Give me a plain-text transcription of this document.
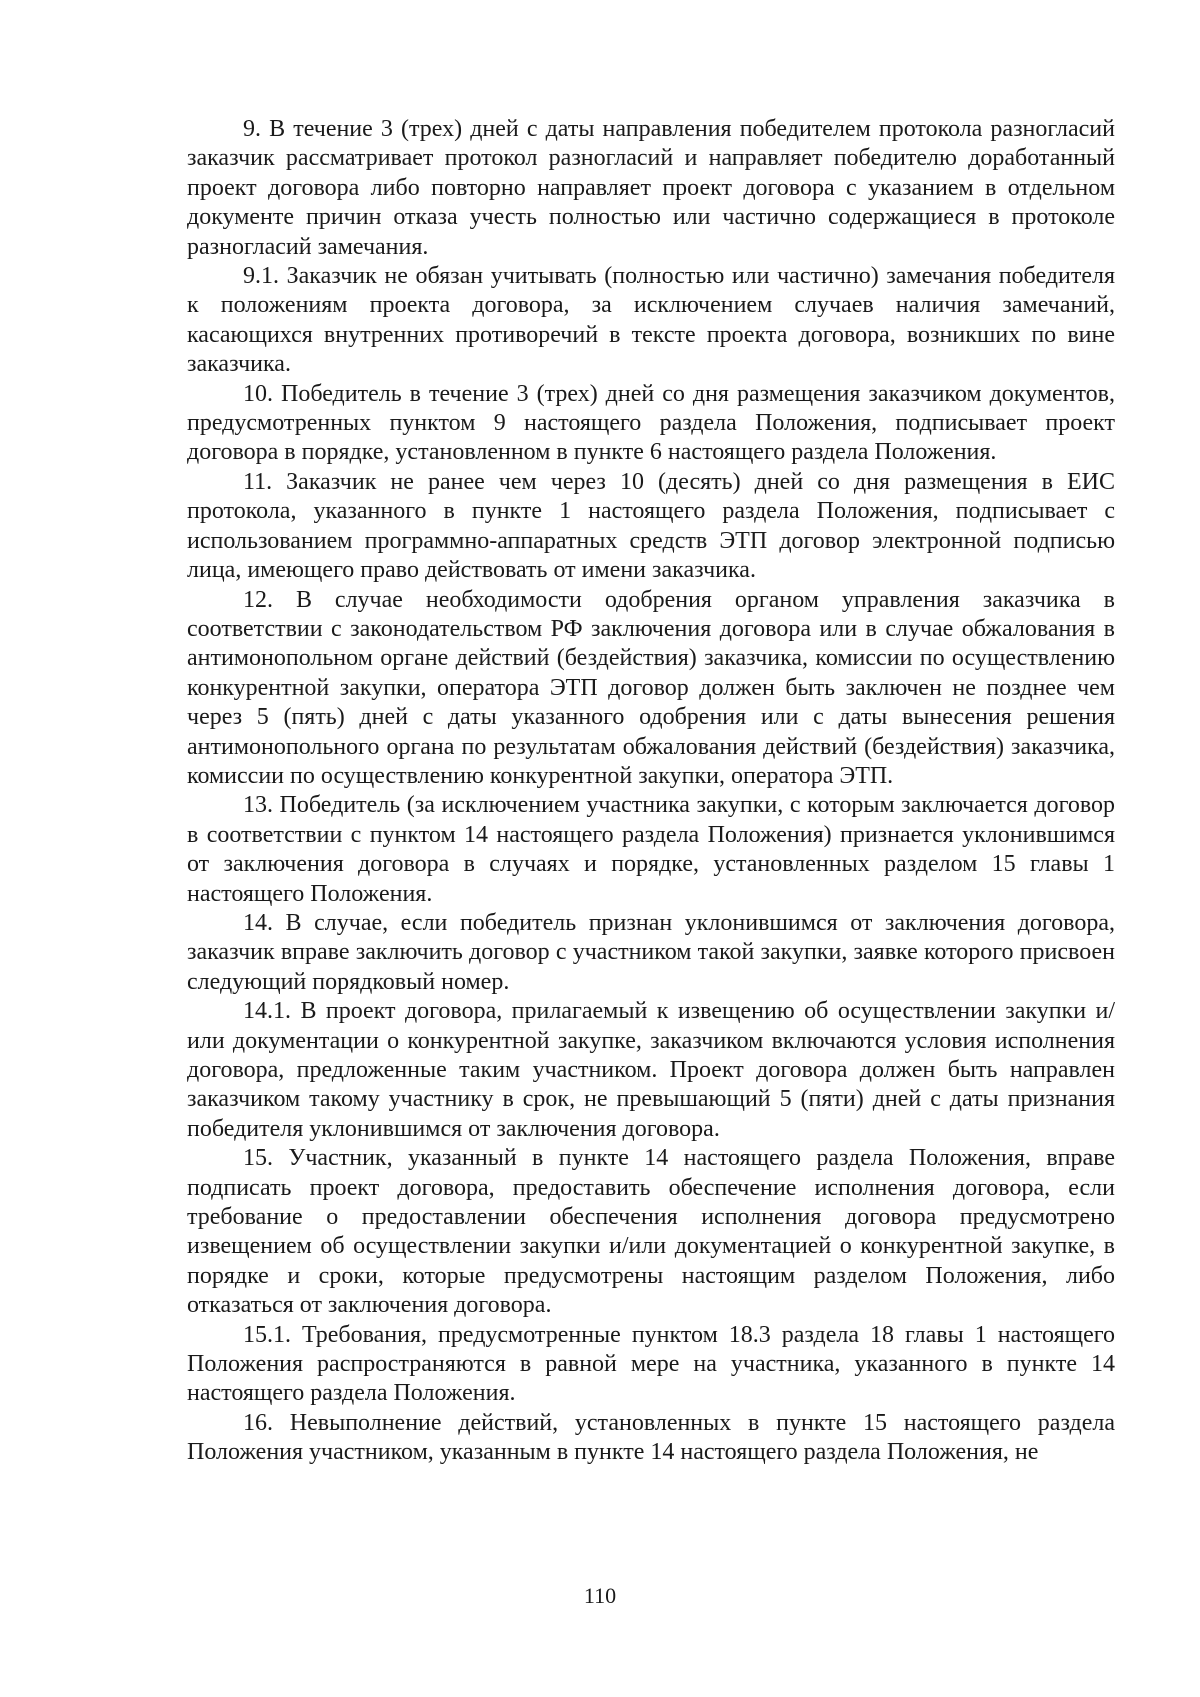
9. В течение 3 (трех) дней с даты направления победителем протокола разногласий заказчик рассматривает протокол разногласий и направляет победителю доработанный проект договора либо повторно направляет проект договора с указанием в отдельном документе причин отказа учесть полностью или частично содержащиеся в протоколе разногласий замечания.

9.1. Заказчик не обязан учитывать (полностью или частично) замечания победителя к положениям проекта договора, за исключением случаев наличия замечаний, касающихся внутренних противоречий в тексте проекта договора, возникших по вине заказчика.

10. Победитель в течение 3 (трех) дней со дня размещения заказчиком документов, предусмотренных пунктом 9 настоящего раздела Положения, подписывает проект договора в порядке, установленном в пункте 6 настоящего раздела Положения.

11. Заказчик не ранее чем через 10 (десять) дней со дня размещения в ЕИС протокола, указанного в пункте 1 настоящего раздела Положения, подписывает с использованием программно-аппаратных средств ЭТП договор электронной подписью лица, имеющего право действовать от имени заказчика.

12. В случае необходимости одобрения органом управления заказчика в соответствии с законодательством РФ заключения договора или в случае обжалования в антимонопольном органе действий (бездействия) заказчика, комиссии по осуществлению конкурентной закупки, оператора ЭТП договор должен быть заключен не позднее чем через 5 (пять) дней с даты указанного одобрения или с даты вынесения решения антимонопольного органа по результатам обжалования действий (бездействия) заказчика, комиссии по осуществлению конкурентной закупки, оператора ЭТП.

13. Победитель (за исключением участника закупки, с которым заключается договор в соответствии с пунктом 14 настоящего раздела Положения) признается уклонившимся от заключения договора в случаях и порядке, установленных разделом 15 главы 1 настоящего Положения.

14. В случае, если победитель признан уклонившимся от заключения договора, заказчик вправе заключить договор с участником такой закупки, заявке которого присвоен следующий порядковый номер.

14.1. В проект договора, прилагаемый к извещению об осуществлении закупки и/или документации о конкурентной закупке, заказчиком включаются условия исполнения договора, предложенные таким участником. Проект договора должен быть направлен заказчиком такому участнику в срок, не превышающий 5 (пяти) дней с даты признания победителя уклонившимся от заключения договора.

15. Участник, указанный в пункте 14 настоящего раздела Положения, вправе подписать проект договора, предоставить обеспечение исполнения договора, если требование о предоставлении обеспечения исполнения договора предусмотрено извещением об осуществлении закупки и/или документацией о конкурентной закупке, в порядке и сроки, которые предусмотрены настоящим разделом Положения, либо отказаться от заключения договора.

15.1. Требования, предусмотренные пунктом 18.3 раздела 18 главы 1 настоящего Положения распространяются в равной мере на участника, указанного в пункте 14 настоящего раздела Положения.

16. Невыполнение действий, установленных в пункте 15 настоящего раздела Положения участником, указанным в пункте 14 настоящего раздела Положения, не

110
